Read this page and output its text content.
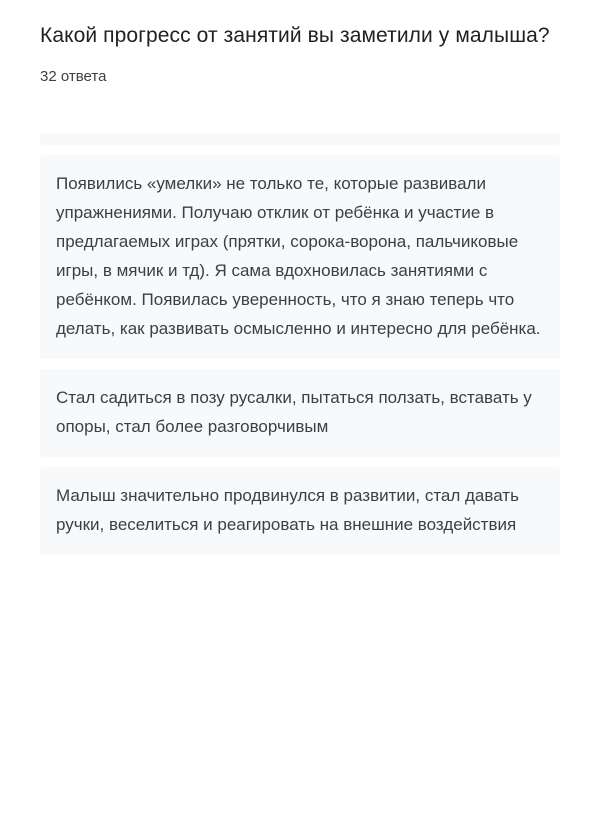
Какой прогресс от занятий вы заметили у малыша?
32 ответа
Появились «умелки» не только те, которые развивали упражнениями. Получаю отклик от ребёнка и участие в предлагаемых играх (прятки, сорока-ворона, пальчиковые игры, в мячик и тд). Я сама вдохновилась занятиями с ребёнком. Появилась уверенность, что я знаю теперь что делать, как развивать осмысленно и интересно для ребёнка.
Стал садиться в позу русалки, пытаться ползать, вставать у опоры, стал более разговорчивым
Малыш значительно продвинулся в развитии, стал давать ручки, веселиться и реагировать на внешние воздействия
